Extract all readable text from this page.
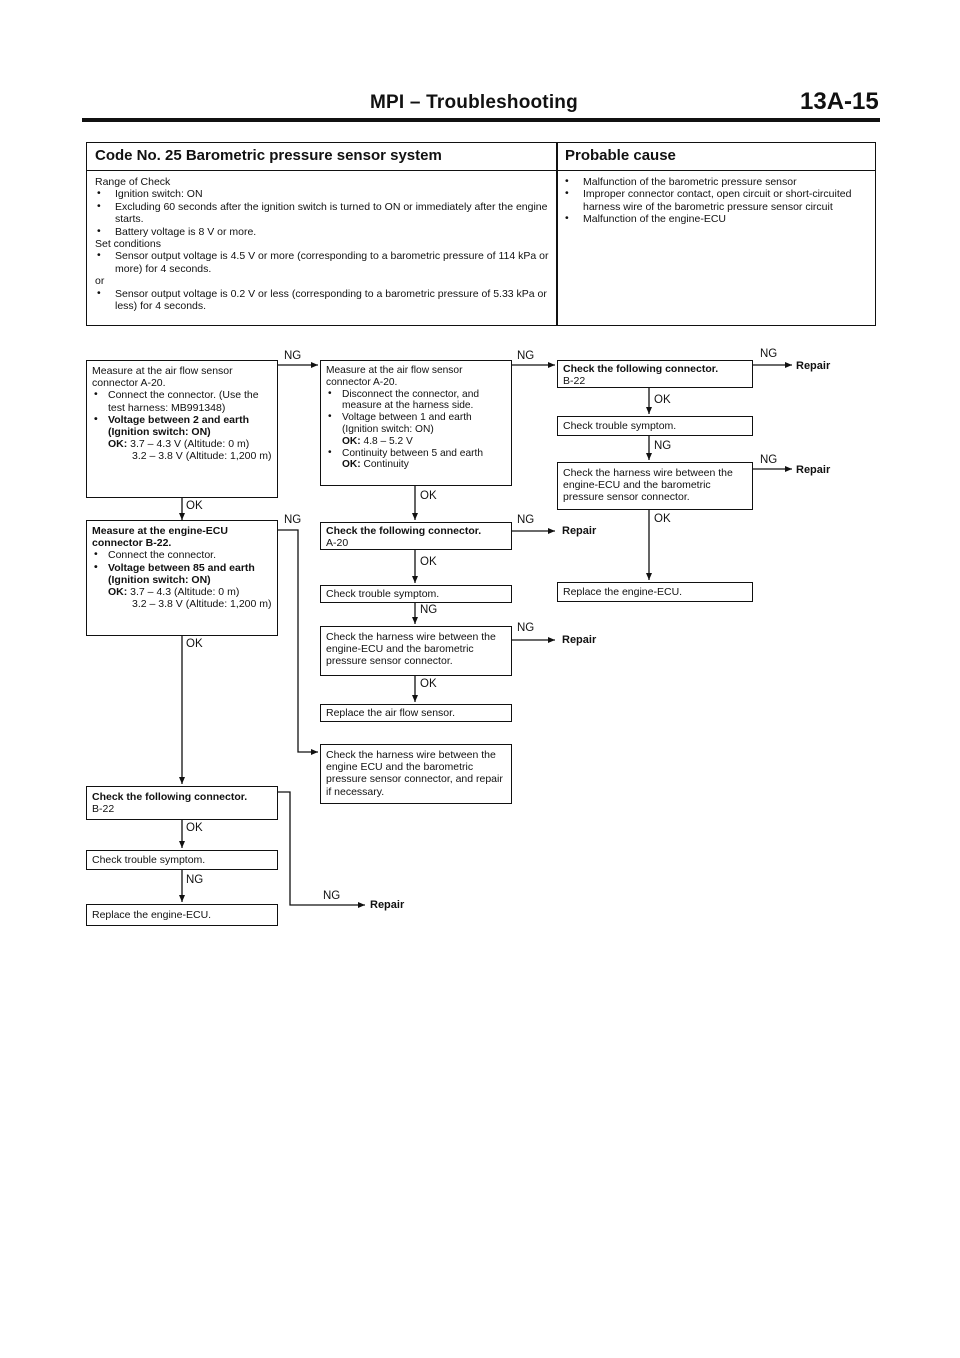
MPI – Troubleshooting	13A-15
Code No. 25 Barometric pressure sensor system	Probable cause
Range of Check
• Ignition switch: ON
• Excluding 60 seconds after the ignition switch is turned to ON or immediately after the engine starts.
• Battery voltage is 8 V or more.
Set conditions
• Sensor output voltage is 4.5 V or more (corresponding to a barometric pressure of 114 kPa or more) for 4 seconds.
or
• Sensor output voltage is 0.2 V or less (corresponding to a barometric pressure of 5.33 kPa or less) for 4 seconds.
• Malfunction of the barometric pressure sensor
• Improper connector contact, open circuit or short-circuited harness wire of the barometric pressure sensor circuit
• Malfunction of the engine-ECU
Measure at the air flow sensor connector A-20.
• Connect the connector. (Use the test harness: MB991348)
• Voltage between 2 and earth (Ignition switch: ON)
OK: 3.7 – 4.3 V (Altitude: 0 m)
3.2 – 3.8 V (Altitude: 1,200 m)
Measure at the engine-ECU connector B-22.
• Connect the connector.
• Voltage between 85 and earth (Ignition switch: ON)
OK: 3.7 – 4.3 (Altitude: 0 m)
3.2 – 3.8 V (Altitude: 1,200 m)
Check the following connector.
B-22
Check trouble symptom.
Replace the engine-ECU.
Measure at the air flow sensor connector A-20.
• Disconnect the connector, and measure at the harness side.
• Voltage between 1 and earth (Ignition switch: ON)
OK: 4.8 – 5.2 V
• Continuity between 5 and earth
OK: Continuity
Check the following connector.
A-20
Check trouble symptom.
Check the harness wire between the engine-ECU and the barometric pressure sensor connector.
Replace the air flow sensor.
Check the harness wire between the engine ECU and the barometric pressure sensor connector, and repair if necessary.
Check the following connector.
B-22
Check trouble symptom.
Check the harness wire between the engine-ECU and the barometric pressure sensor connector.
Replace the engine-ECU.
OK
OK
OK
NG
NG
NG
NG
OK
OK
NG
OK
NG
NG
NG
OK
NG
OK
NG
NG
Repair
Repair
Repair
Repair
Repair
